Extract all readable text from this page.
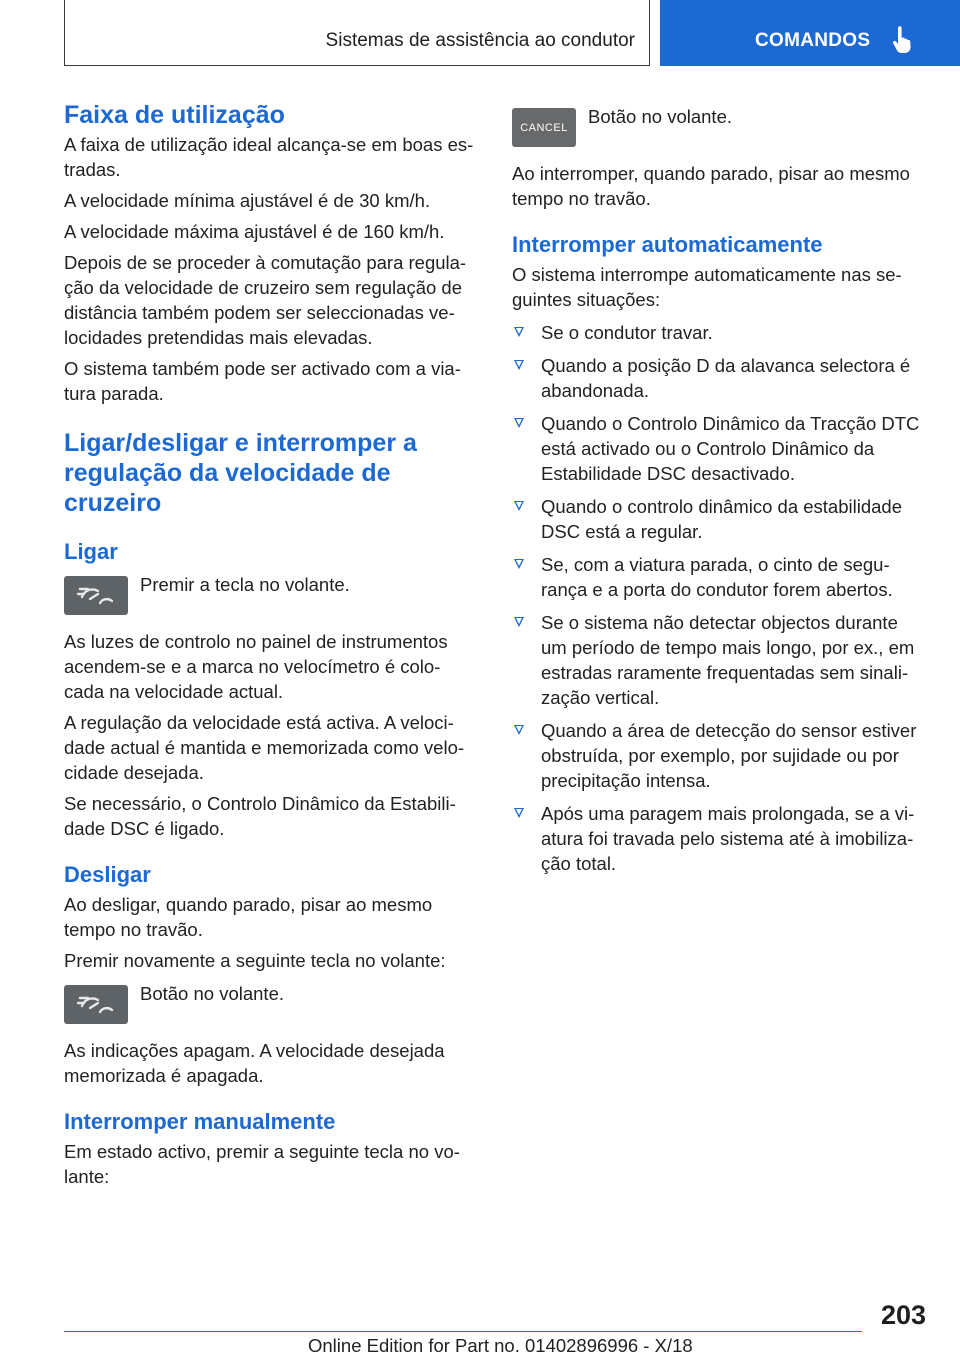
Sistemas de assistência ao condutor	COMANDOS
Faixa de utilização

A faixa de utilização ideal alcança-se em boas es-tradas.

A velocidade mínima ajustável é de 30 km/h.

A velocidade máxima ajustável é de 160 km/h.

Depois de se proceder à comutação para regula-ção da velocidade de cruzeiro sem regulação de distância também podem ser seleccionadas ve-locidades pretendidas mais elevadas.

O sistema também pode ser activado com a via-tura parada.

Ligar/desligar e interromper a regulação da velocidade de cruzeiro
Ligar
Premir a tecla no volante.

As luzes de controlo no painel de instrumentos acendem-se e a marca no velocímetro é colo-cada na velocidade actual.

A regulação da velocidade está activa. A veloci-dade actual é mantida e memorizada como velo-cidade desejada.

Se necessário, o Controlo Dinâmico da Estabili-dade DSC é ligado.

Desligar

Ao desligar, quando parado, pisar ao mesmo tempo no travão.

Premir novamente a seguinte tecla no volante:

Botão no volante.

As indicações apagam. A velocidade desejada memorizada é apagada.

Interromper manualmente

Em estado activo, premir a seguinte tecla no vo-lante:

CANCEL
Botão no volante.

Ao interromper, quando parado, pisar ao mesmo tempo no travão.

Interromper automaticamente

O sistema interrompe automaticamente nas se-guintes situações:

Se o condutor travar.
Quando a posição D da alavanca selectora é abandonada.
Quando o Controlo Dinâmico da Tracção DTC está activado ou o Controlo Dinâmico da Estabilidade DSC desactivado.
Quando o controlo dinâmico da estabilidade DSC está a regular.
Se, com a viatura parada, o cinto de segu-rança e a porta do condutor forem abertos.
Se o sistema não detectar objectos durante um período de tempo mais longo, por ex., em estradas raramente frequentadas sem sinali-zação vertical.
Quando a área de detecção do sensor estiver obstruída, por exemplo, por sujidade ou por precipitação intensa.
Após uma paragem mais prolongada, se a vi-atura foi travada pelo sistema até à imobiliza-ção total.
203
Online Edition for Part no. 01402896996 - X/18
